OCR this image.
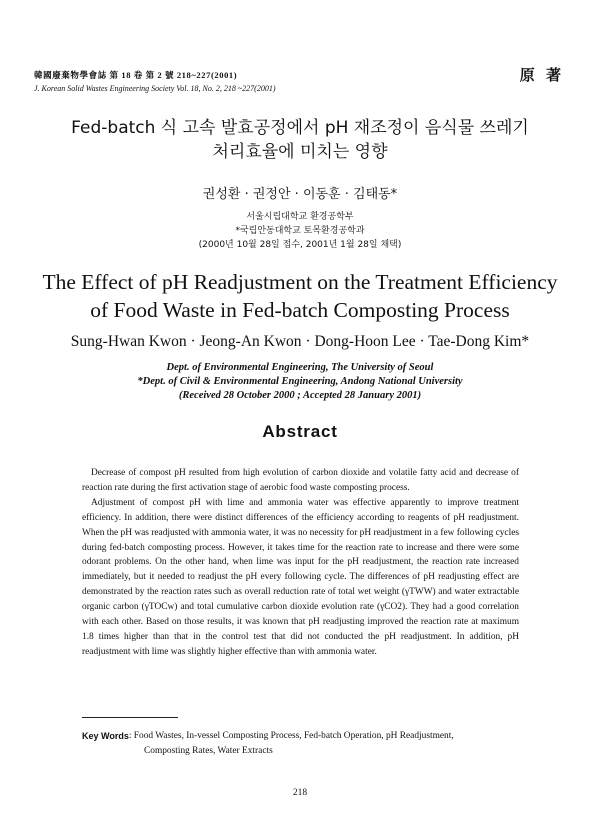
韓國廢棄物學會誌 第 18 卷 第 2 號 218~227(2001)
J. Korean Solid Wastes Engineering Society Vol. 18, No. 2, 218 ~227(2001)
原 著
Fed-batch 식 고속 발효공정에서 pH 재조정이 음식물 쓰레기
처리효율에 미치는 영향
권성환 · 권정안 · 이동훈 · 김태동*
서울시립대학교 환경공학부
*국립안동대학교 토목환경공학과
(2000년 10월 28일 접수, 2001년 1월 28일 채택)
The Effect of pH Readjustment on the Treatment Efficiency
of Food Waste in Fed-batch Composting Process
Sung-Hwan Kwon · Jeong-An Kwon · Dong-Hoon Lee · Tae-Dong Kim*
Dept. of Environmental Engineering, The University of Seoul
*Dept. of Civil & Environmental Engineering, Andong National University
(Received 28 October 2000 ; Accepted 28 January 2001)
Abstract

Decrease of compost pH resulted from high evolution of carbon dioxide and volatile fatty acid and decrease of reaction rate during the first activation stage of aerobic food waste composting process.

Adjustment of compost pH with lime and ammonia water was effective apparently to improve treatment efficiency. In addition, there were distinct differences of the efficiency according to reagents of pH readjustment. When the pH was readjusted with ammonia water, it was no necessity for pH readjustment in a few following cycles during fed-batch composting process. However, it takes time for the reaction rate to increase and there were some odorant problems. On the other hand, when lime was input for the pH readjustment, the reaction rate increased immediately, but it needed to readjust the pH every following cycle. The differences of pH readjusting effect are demonstrated by the reaction rates such as overall reduction rate of total wet weight (γTWW) and water extractable organic carbon (γTOCw) and total cumulative carbon dioxide evolution rate (γCO2). They had a good correlation with each other. Based on those results, it was known that pH readjusting improved the reaction rate at maximum 1.8 times higher than that in the control test that did not conducted the pH readjustment. In addition, pH readjustment with lime was slightly higher effective than with ammonia water.

Key Words : Food Wastes, In-vessel Composting Process, Fed-batch Operation, pH Readjustment,
Composting Rates, Water Extracts
218
